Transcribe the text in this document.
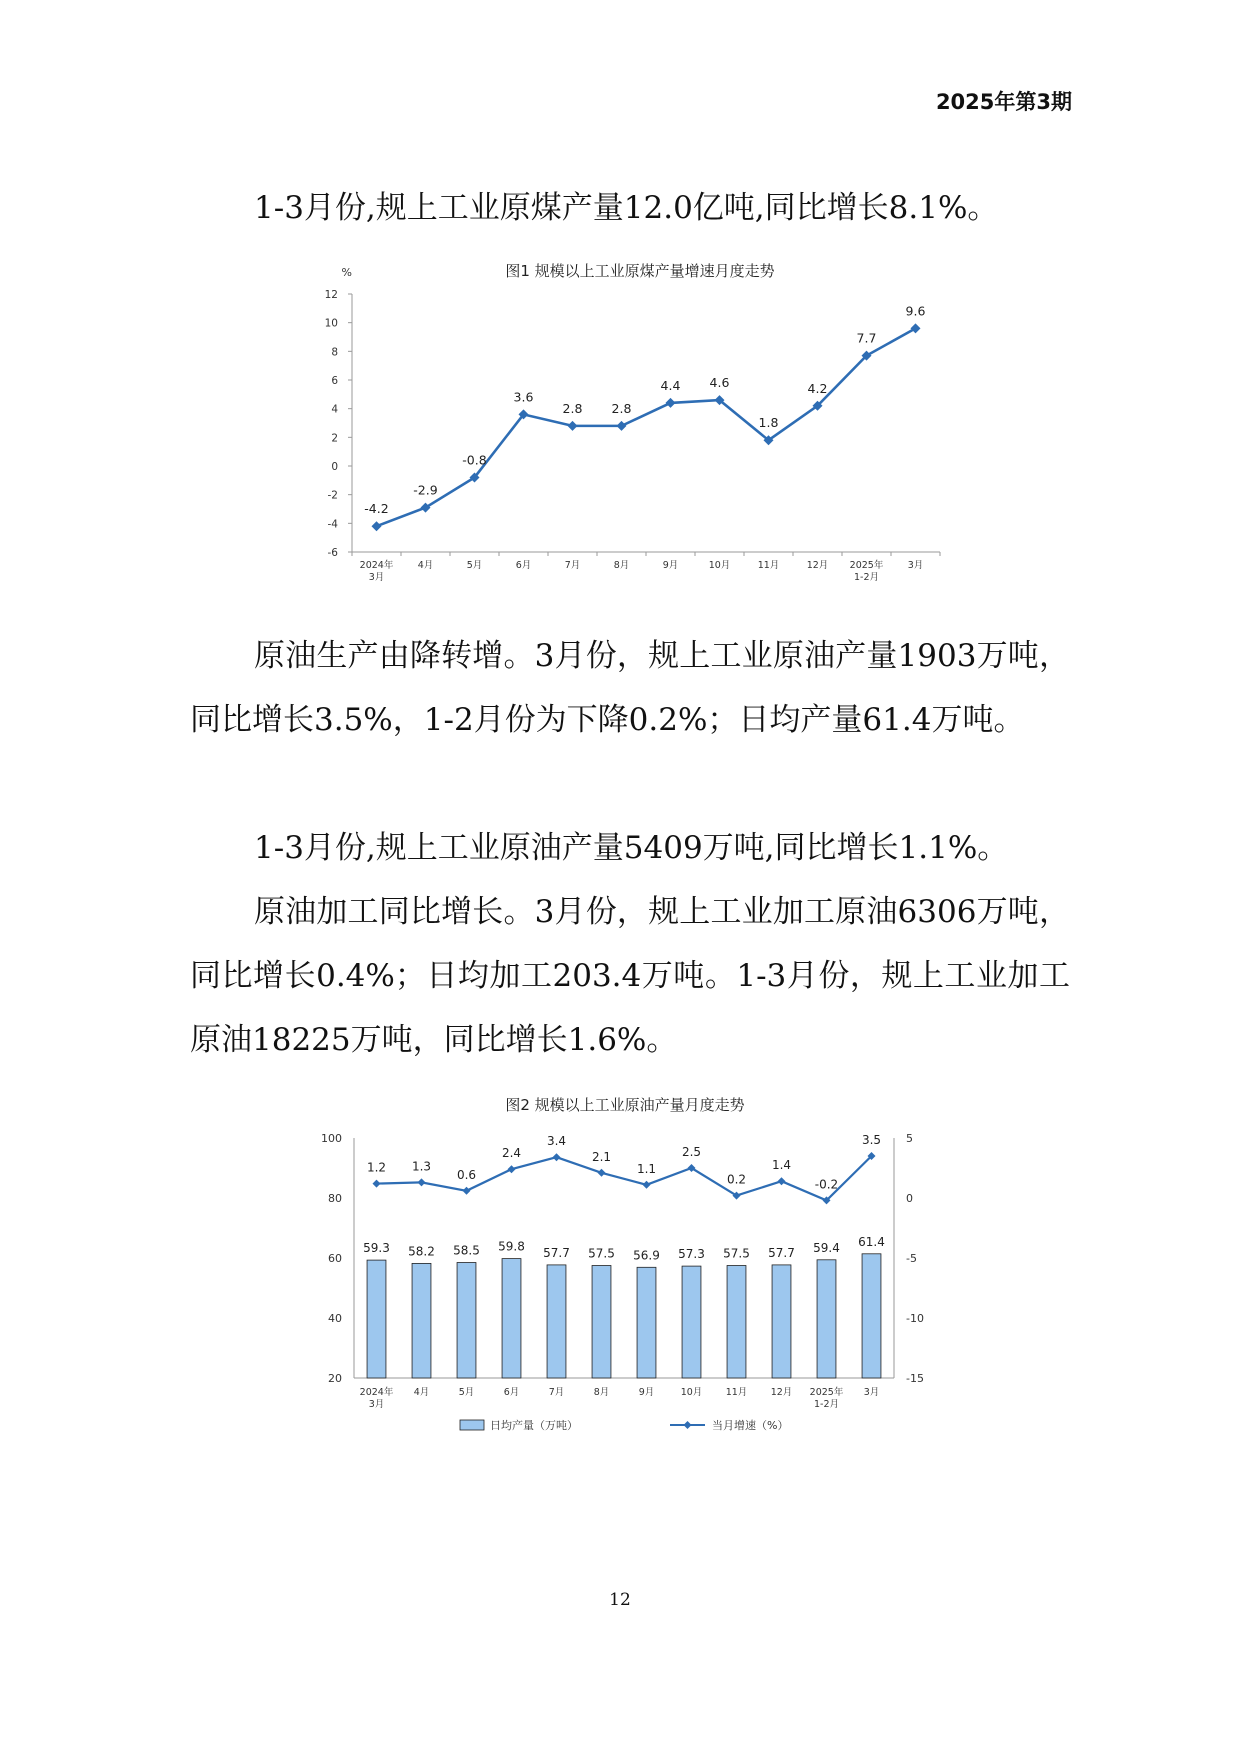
2025年第3期

1-3月份,规上工业原煤产量12.0亿吨,同比增长8.1%。

图1 规模以上工业原煤产量增速月度走势
%
-6
-4
-2
0
2
4
6
8
10
12
2024年
3月
4月	5月	6月	7月	8月	9月	10月	11月	12月 2025年
1-2月
3月
-4.2
-2.9
-0.8
3.6
2.8 2.8
4.4 4.6
1.8
4.2
7.7
9.6

原油生产由降转增。3月份，规上工业原油产量1903万吨，同比增长3.5%，1-2月份为下降0.2%；日均产量61.4万吨。

1-3月份,规上工业原油产量5409万吨,同比增长1.1%。

原油加工同比增长。3月份，规上工业加工原油6306万吨，同比增长0.4%；日均加工203.4万吨。1-3月份，规上工业加工原油18225万吨，同比增长1.6%。

图2 规模以上工业原油产量月度走势
20
40
60
80
100
-15
-10
-5
0
5
2024年
3月
4月	5月	6月	7月	8月	9月	10月 11月 12月 2025年
1-2月
3月
59.3 58.2 58.5 59.8 57.7 57.5 56.9 57.3 57.5 57.7 59.4 61.4
1.2 1.3
0.6
2.4
3.4
2.1
1.1
2.5
0.2
1.4
-0.2
3.5
日均产量（万吨）	当月增速（%）
12
